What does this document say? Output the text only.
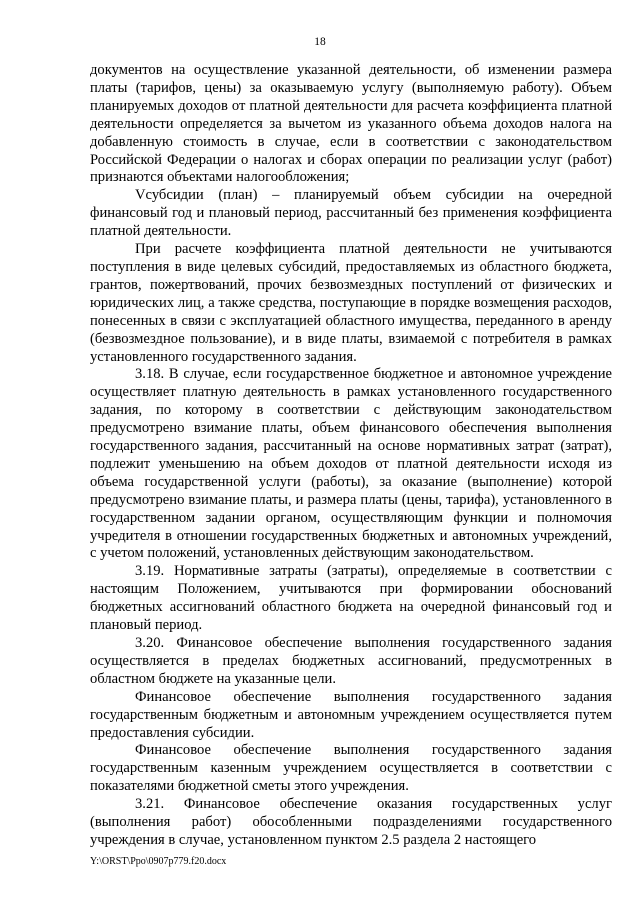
18

документов на осуществление указанной деятельности, об изменении размера платы (тарифов, цены) за оказываемую услугу (выполняемую работу). Объем планируемых доходов от платной деятельности для расчета коэффициента платной деятельности определяется за вычетом из указанного объема доходов налога на добавленную стоимость в случае, если в соответствии с законодательством Российской Федерации о налогах и сборах операции по реализации услуг (работ) признаются объектами налогообложения;

Vсубсидии (план) – планируемый объем субсидии на очередной финансовый год и плановый период, рассчитанный без применения коэффициента платной деятельности.

При расчете коэффициента платной деятельности не учитываются поступления в виде целевых субсидий, предоставляемых из областного бюджета, грантов, пожертвований, прочих безвозмездных поступлений от физических и юридических лиц, а также средства, поступающие в порядке возмещения расходов, понесенных в связи с эксплуатацией областного имущества, переданного в аренду (безвозмездное пользование), и в виде платы, взимаемой с потребителя в рамках установленного государственного задания.

3.18. В случае, если государственное бюджетное и автономное учреждение осуществляет платную деятельность в рамках установленного государственного задания, по которому в соответствии с действующим законодательством предусмотрено взимание платы, объем финансового обеспечения выполнения государственного задания, рассчитанный на основе нормативных затрат (затрат), подлежит уменьшению на объем доходов от платной деятельности исходя из объема государственной услуги (работы), за оказание (выполнение) которой предусмотрено взимание платы, и размера платы (цены, тарифа), установленного в государственном задании органом, осуществляющим функции и полномочия учредителя в отношении государственных бюджетных и автономных учреждений, с учетом положений, установленных действующим законодательством.

3.19. Нормативные затраты (затраты), определяемые в соответствии с настоящим Положением, учитываются при формировании обоснований бюджетных ассигнований областного бюджета на очередной финансовый год и плановый период.

3.20. Финансовое обеспечение выполнения государственного задания осуществляется в пределах бюджетных ассигнований, предусмотренных в областном бюджете на указанные цели.

Финансовое обеспечение выполнения государственного задания государственным бюджетным и автономным учреждением осуществляется путем предоставления субсидии.

Финансовое обеспечение выполнения государственного задания государственным казенным учреждением осуществляется в соответствии с показателями бюджетной сметы этого учреждения.

3.21. Финансовое обеспечение оказания государственных услуг (выполнения работ) обособленными подразделениями государственного учреждения в случае, установленном пунктом 2.5 раздела 2 настоящего

Y:\ORST\Ppo\0907p779.f20.docx
